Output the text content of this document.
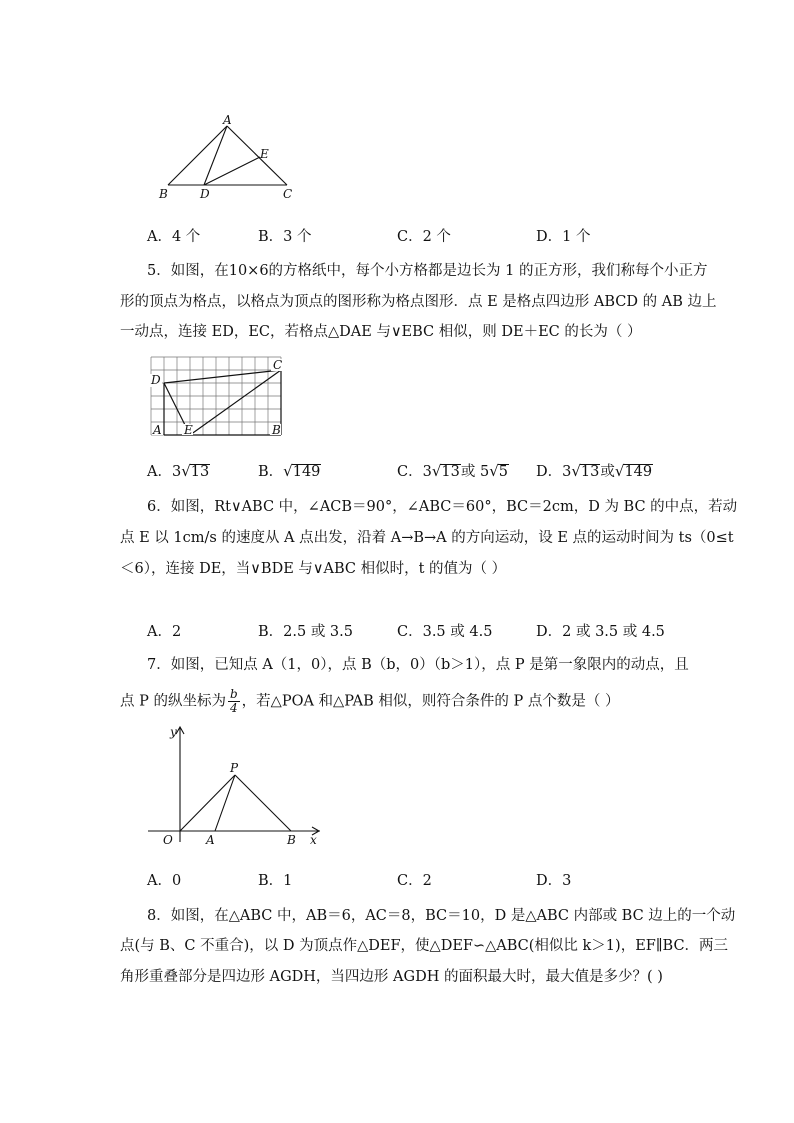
A
E
B	D	C
A．4 个	B．3 个	C．2 个	D．1 个
5．如图，在10×6的方格纸中，每个小方格都是边长为 1 的正方形，我们称每个小正方
形的顶点为格点，以格点为顶点的图形称为格点图形．点 E 是格点四边形 ABCD 的 AB 边上
一动点，连接 ED，EC，若格点△DAE 与∨EBC 相似，则 DE＋EC 的长为（ ）
D
C
A E	B
A．3√13	B．√149	C．3√13或 5√5 D．3√13或√149
6．如图，Rt∨ABC 中，∠ACB＝90°，∠ABC＝60°，BC＝2cm，D 为 BC 的中点，若动
点 E 以 1cm/s 的速度从 A 点出发，沿着 A→B→A 的方向运动，设 E 点的运动时间为 ts（0≤t
＜6），连接 DE，当∨BDE 与∨ABC 相似时，t 的值为（ ）
A．2	B．2.5 或 3.5	C．3.5 或 4.5	D．2 或 3.5 或 4.5
7．如图，已知点 A（1，0），点 B（b，0）（b＞1），点 P 是第一象限内的动点，且
点 P 的纵坐标为 $\frac{b}{4}$ ，若△POA 和△PAB 相似，则符合条件的 P 点个数是（ ）
y
P
O	A	B x
A．0	B．1	C．2	D．3
8．如图，在△ABC 中，AB＝6，AC＝8，BC＝10，D 是△ABC 内部或 BC 边上的一个动
点(与 B、C 不重合)，以 D 为顶点作△DEF，使△DEF∽△ABC(相似比 k＞1)，EF∥BC．两三
角形重叠部分是四边形 AGDH，当四边形 AGDH 的面积最大时，最大值是多少？( )
